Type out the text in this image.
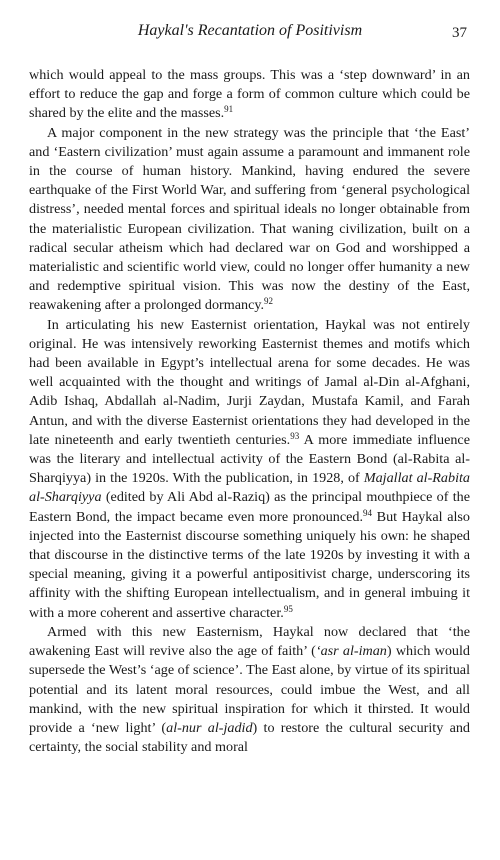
Haykal's Recantation of Positivism	37

which would appeal to the mass groups. This was a ‘step downward’ in an effort to reduce the gap and forge a form of common culture which could be shared by the elite and the masses.$^{91}$

A major component in the new strategy was the principle that ‘the East’ and ‘Eastern civilization’ must again assume a paramount and immanent role in the course of human history. Mankind, having endured the severe earthquake of the First World War, and suffering from ‘general psychological distress’, needed mental forces and spiritual ideals no longer obtainable from the materialistic European civilization. That waning civilization, built on a radical secular atheism which had declared war on God and worshipped a materialistic and scientific world view, could no longer offer humanity a new and redemptive spiritual vision. This was now the destiny of the East, reawakening after a prolonged dormancy.$^{92}$

In articulating his new Easternist orientation, Haykal was not entirely original. He was intensively reworking Easternist themes and motifs which had been available in Egypt’s intellectual arena for some decades. He was well acquainted with the thought and writings of Jamal al-Din al-Afghani, Adib Ishaq, Abdallah al-Nadim, Jurji Zaydan, Mustafa Kamil, and Farah Antun, and with the diverse Easternist orientations they had developed in the late nineteenth and early twentieth centuries.$^{93}$ A more immediate influence was the literary and intellectual activity of the Eastern Bond (al-Rabita al-Sharqiyya) in the 1920s. With the publication, in 1928, of Majallat al-Rabita al-Sharqiyya (edited by Ali Abd al-Raziq) as the principal mouthpiece of the Eastern Bond, the impact became even more pronounced.$^{94}$ But Haykal also injected into the Easternist discourse something uniquely his own: he shaped that discourse in the distinctive terms of the late 1920s by investing it with a special meaning, giving it a powerful antipositivist charge, underscoring its affinity with the shifting European intellectualism, and in general imbuing it with a more coherent and assertive character.$^{95}$

Armed with this new Easternism, Haykal now declared that ‘the awakening East will revive also the age of faith’ (‘asr al-iman) which would supersede the West’s ‘age of science’. The East alone, by virtue of its spiritual potential and its latent moral resources, could imbue the West, and all mankind, with the new spiritual inspiration for which it thirsted. It would provide a ‘new light’ (al-nur al-jadid) to restore the cultural security and certainty, the social stability and moral
